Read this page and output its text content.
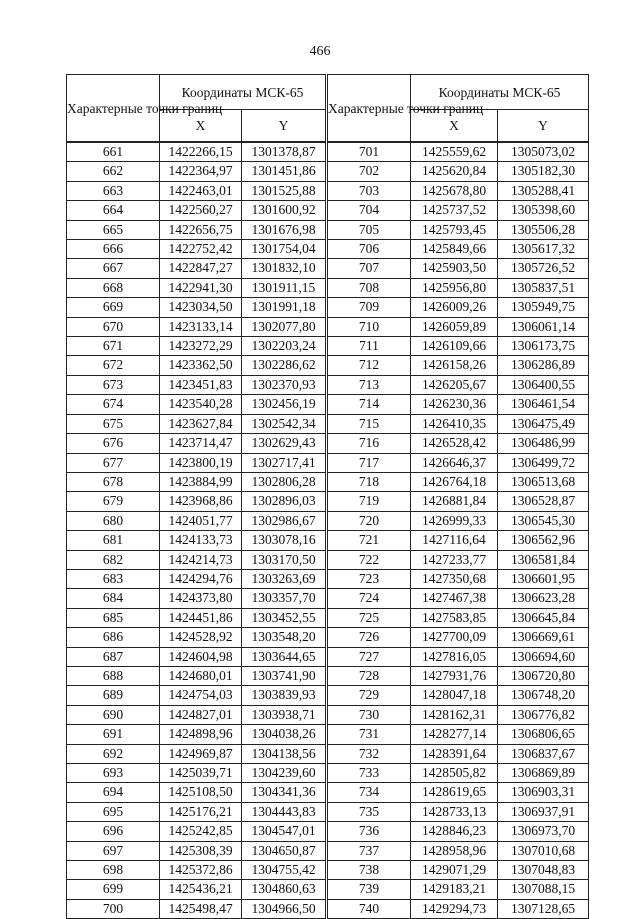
466
Характерные точки границ	Координаты МСК-65		Характерные точки границ	Координаты МСК-65	
	X	Y		X	Y
661	1422266,15	1301378,87	701	1425559,62	1305073,02
662	1422364,97	1301451,86	702	1425620,84	1305182,30
663	1422463,01	1301525,88	703	1425678,80	1305288,41
664	1422560,27	1301600,92	704	1425737,52	1305398,60
665	1422656,75	1301676,98	705	1425793,45	1305506,28
666	1422752,42	1301754,04	706	1425849,66	1305617,32
667	1422847,27	1301832,10	707	1425903,50	1305726,52
668	1422941,30	1301911,15	708	1425956,80	1305837,51
669	1423034,50	1301991,18	709	1426009,26	1305949,75
670	1423133,14	1302077,80	710	1426059,89	1306061,14
671	1423272,29	1302203,24	711	1426109,66	1306173,75
672	1423362,50	1302286,62	712	1426158,26	1306286,89
673	1423451,83	1302370,93	713	1426205,67	1306400,55
674	1423540,28	1302456,19	714	1426230,36	1306461,54
675	1423627,84	1302542,34	715	1426410,35	1306475,49
676	1423714,47	1302629,43	716	1426528,42	1306486,99
677	1423800,19	1302717,41	717	1426646,37	1306499,72
678	1423884,99	1302806,28	718	1426764,18	1306513,68
679	1423968,86	1302896,03	719	1426881,84	1306528,87
680	1424051,77	1302986,67	720	1426999,33	1306545,30
681	1424133,73	1303078,16	721	1427116,64	1306562,96
682	1424214,73	1303170,50	722	1427233,77	1306581,84
683	1424294,76	1303263,69	723	1427350,68	1306601,95
684	1424373,80	1303357,70	724	1427467,38	1306623,28
685	1424451,86	1303452,55	725	1427583,85	1306645,84
686	1424528,92	1303548,20	726	1427700,09	1306669,61
687	1424604,98	1303644,65	727	1427816,05	1306694,60
688	1424680,01	1303741,90	728	1427931,76	1306720,80
689	1424754,03	1303839,93	729	1428047,18	1306748,20
690	1424827,01	1303938,71	730	1428162,31	1306776,82
691	1424898,96	1304038,26	731	1428277,14	1306806,65
692	1424969,87	1304138,56	732	1428391,64	1306837,67
693	1425039,71	1304239,60	733	1428505,82	1306869,89
694	1425108,50	1304341,36	734	1428619,65	1306903,31
695	1425176,21	1304443,83	735	1428733,13	1306937,91
696	1425242,85	1304547,01	736	1428846,23	1306973,70
697	1425308,39	1304650,87	737	1428958,96	1307010,68
698	1425372,86	1304755,42	738	1429071,29	1307048,83
699	1425436,21	1304860,63	739	1429183,21	1307088,15
700	1425498,47	1304966,50	740	1429294,73	1307128,65
